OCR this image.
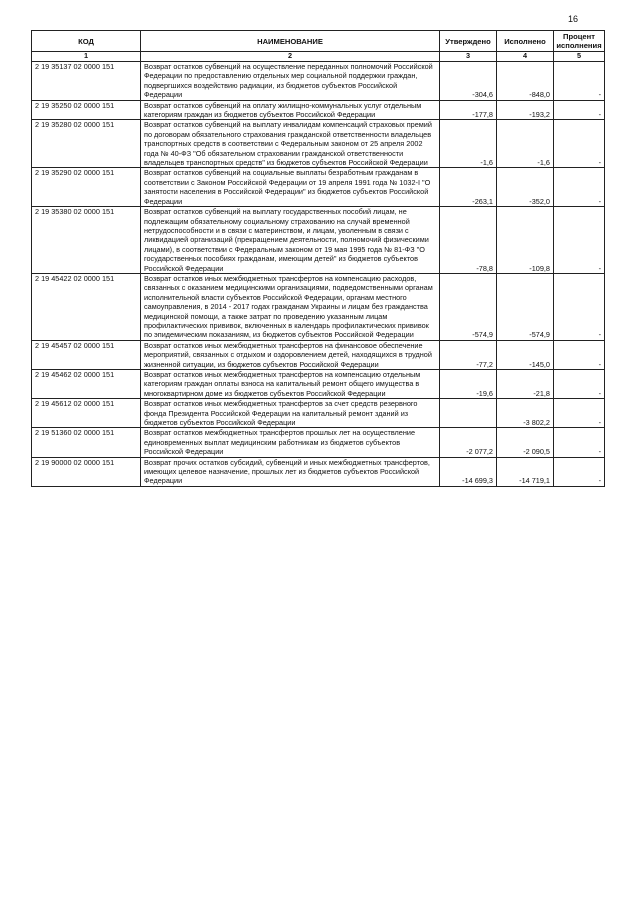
16
КОД	НАИМЕНОВАНИЕ	Утверждено	Исполнено	Процент исполнения
1	2	3	4	5
2 19 35137 02 0000 151	Возврат остатков субвенций на осуществление переданных полномочий Российской Федерации по предоставлению отдельных мер социальной поддержки граждан, подвергшихся воздействию радиации, из бюджетов субъектов Российской Федерации	-304,6	-848,0	-
2 19 35250 02 0000 151	Возврат остатков субвенций на оплату жилищно-коммунальных услуг отдельным категориям граждан из бюджетов субъектов Российской Федерации	-177,8	-193,2	-
2 19 35280 02 0000 151	Возврат остатков субвенций на выплату инвалидам компенсаций страховых премий по договорам обязательного страхования гражданской ответственности владельцев транспортных средств в соответствии с Федеральным законом от 25 апреля 2002 года № 40-ФЗ "Об обязательном страховании гражданской ответственности владельцев транспортных средств" из бюджетов субъектов Российской Федерации	-1,6	-1,6	-
2 19 35290 02 0000 151	Возврат остатков субвенций на социальные выплаты безработным гражданам в соответствии с Законом Российской Федерации от 19 апреля 1991 года № 1032-I "О занятости населения в Российской Федерации" из бюджетов субъектов Российской Федерации	-263,1	-352,0	-
2 19 35380 02 0000 151	Возврат остатков субвенций на выплату государственных пособий лицам, не подлежащим обязательному социальному страхованию на случай временной нетрудоспособности и в связи с материнством, и лицам, уволенным в связи с ликвидацией организаций (прекращением деятельности, полномочий физическими лицами), в соответствии с Федеральным законом от 19 мая 1995 года № 81-ФЗ "О государственных пособиях гражданам, имеющим детей" из бюджетов субъектов Российской Федерации	-78,8	-109,8	-
2 19 45422 02 0000 151	Возврат остатков иных межбюджетных трансфертов на компенсацию расходов, связанных с оказанием медицинскими организациями, подведомственными органам исполнительной власти субъектов Российской Федерации, органам местного самоуправления, в 2014 - 2017 годах гражданам Украины и лицам без гражданства медицинской помощи, а также затрат по проведению указанным лицам профилактических прививок, включенных в календарь профилактических прививок по эпидемическим показаниям, из бюджетов субъектов Российской Федерации	-574,9	-574,9	-
2 19 45457 02 0000 151	Возврат остатков иных межбюджетных трансфертов на финансовое обеспечение мероприятий, связанных с отдыхом и оздоровлением детей, находящихся в трудной жизненной ситуации, из бюджетов субъектов Российской Федерации	-77,2	-145,0	-
2 19 45462 02 0000 151	Возврат остатков иных межбюджетных трансфертов на компенсацию отдельным категориям граждан оплаты взноса на капитальный ремонт общего имущества в многоквартирном доме из бюджетов субъектов Российской Федерации	-19,6	-21,8	-
2 19 45612 02 0000 151	Возврат остатков иных межбюджетных трансфертов за счет средств резервного фонда Президента Российской Федерации на капитальный ремонт зданий из бюджетов субъектов Российской Федерации		-3 802,2	-
2 19 51360 02 0000 151	Возврат остатков межбюджетных трансфертов прошлых лет на осуществление единовременных выплат медицинским работникам из бюджетов субъектов Российской Федерации	-2 077,2	-2 090,5	-
2 19 90000 02 0000 151	Возврат прочих остатков субсидий, субвенций и иных межбюджетных трансфертов, имеющих целевое назначение, прошлых лет из бюджетов субъектов Российской Федерации	-14 699,3	-14 719,1	-
